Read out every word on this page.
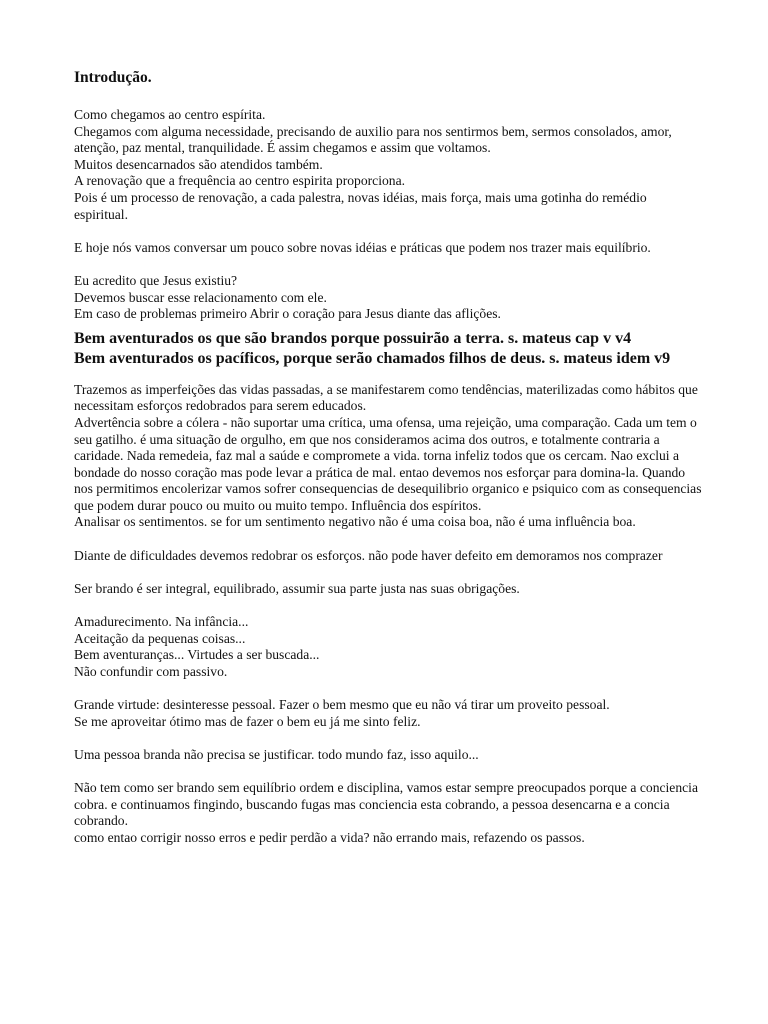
Introdução.

Como chegamos ao centro espírita.

Chegamos com alguma necessidade, precisando de auxilio para nos sentirmos bem, sermos consolados, amor, atenção, paz mental, tranquilidade. É assim chegamos e assim que voltamos.

Muitos desencarnados são atendidos também.

A renovação que a frequência ao centro espirita proporciona.

Pois é um processo de renovação, a cada palestra, novas idéias, mais força, mais uma gotinha do remédio espiritual.

E hoje nós vamos conversar um pouco sobre novas idéias e práticas que podem nos trazer mais equilíbrio.

Eu acredito que Jesus existiu?

Devemos buscar esse relacionamento com ele.

Em caso de problemas primeiro Abrir o coração para Jesus diante das aflições.

Bem aventurados os que são brandos porque possuirão a terra. s. mateus cap v v4
Bem aventurados os pacíficos, porque serão chamados filhos de deus. s. mateus idem v9

Trazemos as imperfeições das vidas passadas, a se manifestarem como tendências, materilizadas como hábitos que necessitam esforços redobrados para serem educados.

Advertência sobre a cólera - não suportar uma crítica, uma ofensa, uma rejeição, uma comparação. Cada um tem o seu gatilho. é uma situação de orgulho, em que nos consideramos acima dos outros, e totalmente contraria a caridade. Nada remedeia, faz mal a saúde e compromete a vida. torna infeliz todos que os cercam. Nao exclui a bondade do nosso coração mas pode levar a prática de mal. entao devemos nos esforçar para domina-la. Quando nos permitimos encolerizar vamos sofrer consequencias de desequilibrio organico e psiquico com as consequencias que podem durar pouco ou muito ou muito tempo. Influência dos espíritos.

Analisar os sentimentos. se for um sentimento negativo não é uma coisa boa, não é uma influência boa.

Diante de dificuldades devemos redobrar os esforços. não pode haver defeito em demoramos nos comprazer

Ser brando é ser integral, equilibrado, assumir sua parte justa nas suas obrigações.

Amadurecimento. Na infância...

Aceitação da pequenas coisas...

Bem aventuranças... Virtudes a ser buscada...

Não confundir com passivo.

Grande virtude: desinteresse pessoal. Fazer o bem mesmo que eu não vá tirar um proveito pessoal.

Se me aproveitar ótimo mas de fazer o bem eu já me sinto feliz.

Uma pessoa branda não precisa se justificar. todo mundo faz, isso aquilo...

Não tem como ser brando sem equilíbrio ordem e disciplina, vamos estar sempre preocupados porque a conciencia cobra. e continuamos fingindo, buscando fugas mas conciencia esta cobrando, a pessoa desencarna e a concia cobrando.

como entao corrigir nosso erros e pedir perdão a vida? não errando mais, refazendo os passos.
